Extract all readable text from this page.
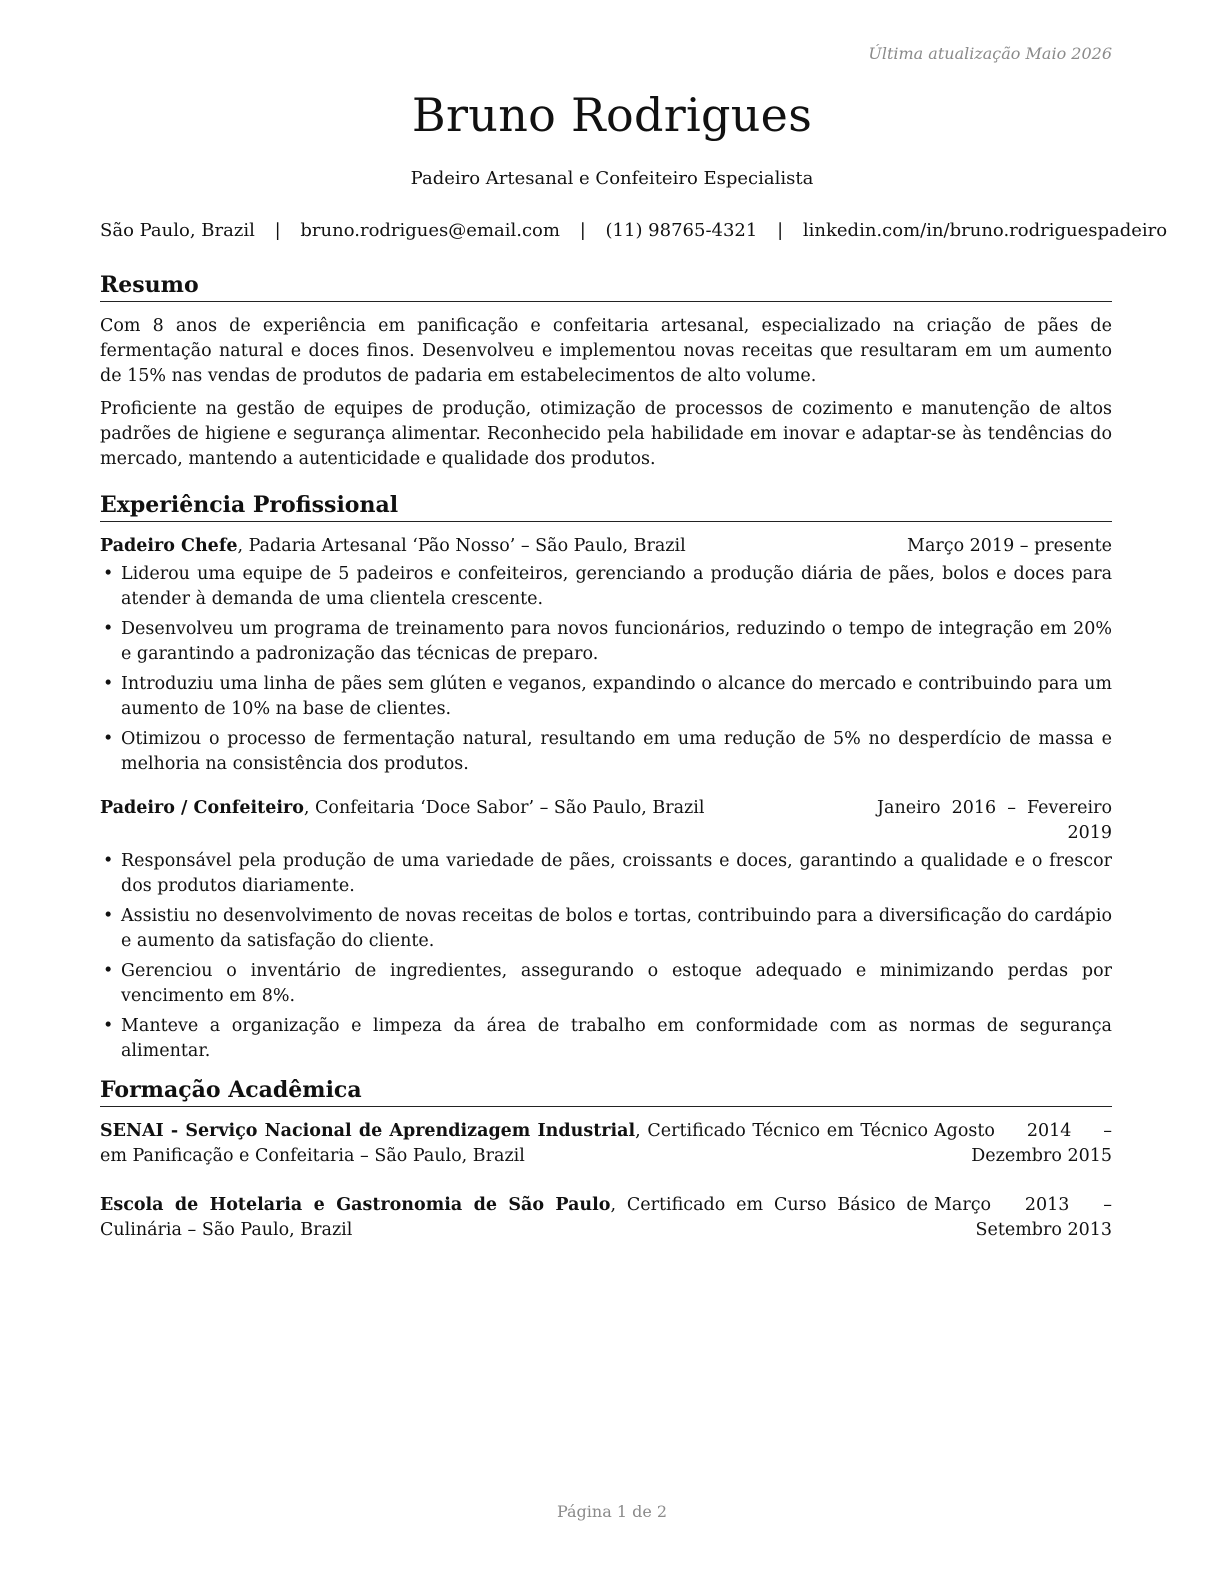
Última atualização Maio 2026
Bruno Rodrigues
Padeiro Artesanal e Confeiteiro Especialista
São Paulo, Brazil | bruno.rodrigues@email.com | (11) 98765-4321 | linkedin.com/in/bruno.rodriguespadeiro
Resumo

Com 8 anos de experiência em panificação e confeitaria artesanal, especializado na criação de pães de fermentação natural e doces finos. Desenvolveu e implementou novas receitas que resultaram em um aumento de 15% nas vendas de produtos de padaria em estabelecimentos de alto volume.

Proficiente na gestão de equipes de produção, otimização de processos de cozimento e manutenção de altos padrões de higiene e segurança alimentar. Reconhecido pela habilidade em inovar e adaptar-se às tendências do mercado, mantendo a autenticidade e qualidade dos produtos.

Experiência Profissional
Padeiro Chefe, Padaria Artesanal ‘Pão Nosso’ – São Paulo, Brazil	Março 2019 – presente
• Liderou uma equipe de 5 padeiros e confeiteiros, gerenciando a produção diária de pães, bolos e doces para atender à demanda de uma clientela crescente.
• Desenvolveu um programa de treinamento para novos funcionários, reduzindo o tempo de integração em 20% e garantindo a padronização das técnicas de preparo.
• Introduziu uma linha de pães sem glúten e veganos, expandindo o alcance do mercado e contribuindo para um aumento de 10% na base de clientes.
• Otimizou o processo de fermentação natural, resultando em uma redução de 5% no desperdício de massa e melhoria na consistência dos produtos.
Padeiro / Confeiteiro, Confeitaria ‘Doce Sabor’ – São Paulo, Brazil	Janeiro 2016 – Fevereiro 2019
• Responsável pela produção de uma variedade de pães, croissants e doces, garantindo a qualidade e o frescor dos produtos diariamente.
• Assistiu no desenvolvimento de novas receitas de bolos e tortas, contribuindo para a diversificação do cardápio e aumento da satisfação do cliente.
• Gerenciou o inventário de ingredientes, assegurando o estoque adequado e minimizando perdas por vencimento em 8%.
• Manteve a organização e limpeza da área de trabalho em conformidade com as normas de segurança alimentar.
Formação Acadêmica
SENAI - Serviço Nacional de Aprendizagem Industrial, Certificado Técnico em Técnico em Panificação e Confeitaria – São Paulo, Brazil
Agosto 2014 – Dezembro 2015
Escola de Hotelaria e Gastronomia de São Paulo, Certificado em Curso Básico de Culinária – São Paulo, Brazil
Março 2013 – Setembro 2013
Página 1 de 2
